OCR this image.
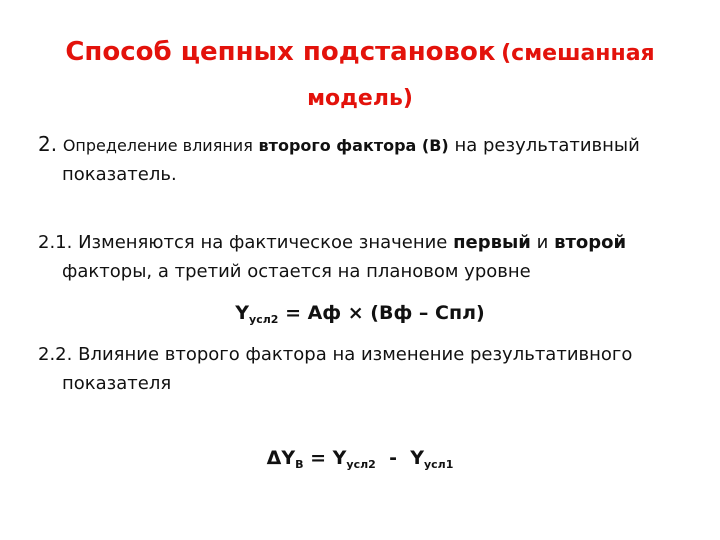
Способ цепных подстановок (смешанная модель)
2. Определение влияния второго фактора (В) на результативный показатель.
2.1. Изменяются на фактическое значение первый и второй факторы, а третий остается на плановом уровне
$Y_{усл2}$ = Aф × (Вф – Cпл)
2.2. Влияние второго фактора на изменение результативного показателя
$\Delta Y_B = Y_{усл2} - Y_{усл1}$
